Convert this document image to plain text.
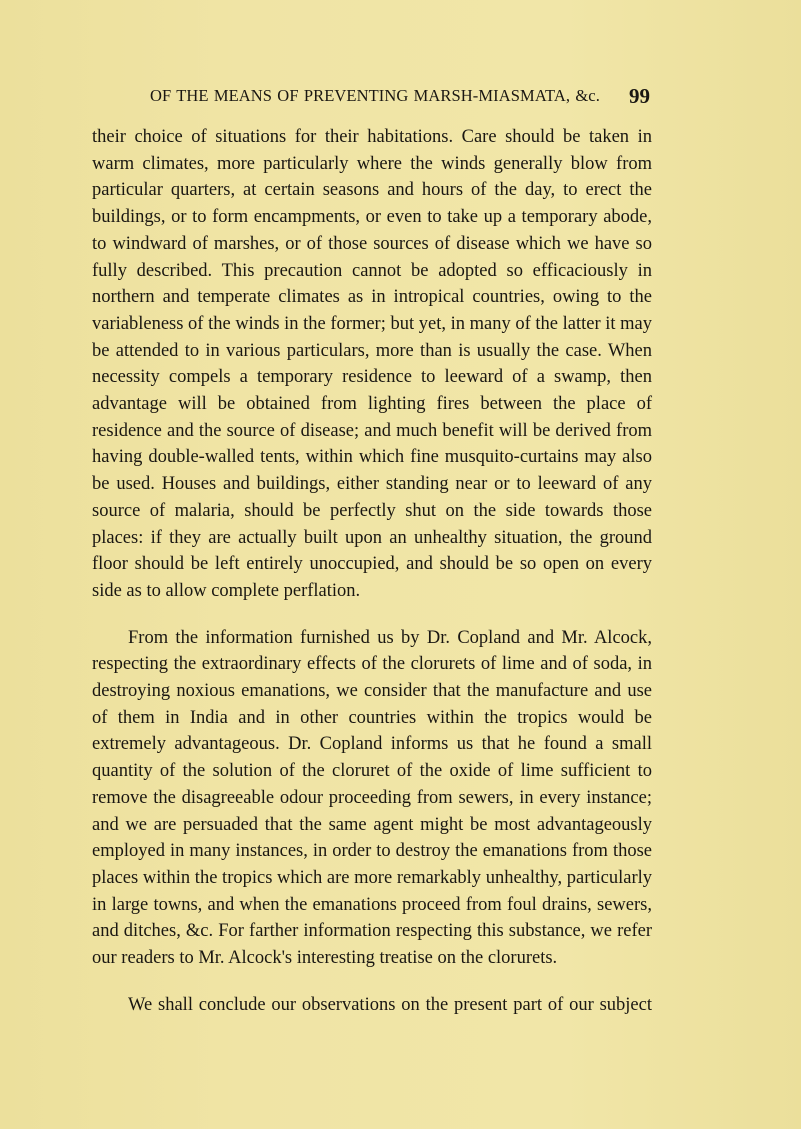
OF THE MEANS OF PREVENTING MARSH-MIASMATA, &c. 99

their choice of situations for their habitations. Care should be taken in warm climates, more particularly where the winds generally blow from particular quarters, at certain seasons and hours of the day, to erect the buildings, or to form encampments, or even to take up a temporary abode, to windward of marshes, or of those sources of disease which we have so fully described. This precaution cannot be adopted so efficaciously in northern and temperate climates as in intropical countries, owing to the variableness of the winds in the former; but yet, in many of the latter it may be attended to in various particulars, more than is usually the case. When necessity compels a temporary residence to leeward of a swamp, then advantage will be obtained from lighting fires between the place of residence and the source of disease; and much benefit will be derived from having double-walled tents, within which fine musquito-curtains may also be used. Houses and buildings, either standing near or to leeward of any source of malaria, should be perfectly shut on the side towards those places: if they are actually built upon an unhealthy situation, the ground floor should be left entirely unoccupied, and should be so open on every side as to allow complete perflation.

From the information furnished us by Dr. Copland and Mr. Alcock, respecting the extraordinary effects of the clorurets of lime and of soda, in destroying noxious emanations, we consider that the manufacture and use of them in India and in other countries within the tropics would be extremely advantageous. Dr. Copland informs us that he found a small quantity of the solution of the cloruret of the oxide of lime sufficient to remove the disagreeable odour proceeding from sewers, in every instance; and we are persuaded that the same agent might be most advantageously employed in many instances, in order to destroy the emanations from those places within the tropics which are more remarkably unhealthy, particularly in large towns, and when the emanations proceed from foul drains, sewers, and ditches, &c. For farther information respecting this substance, we refer our readers to Mr. Alcock's interesting treatise on the clorurets.

We shall conclude our observations on the present part of our subject
